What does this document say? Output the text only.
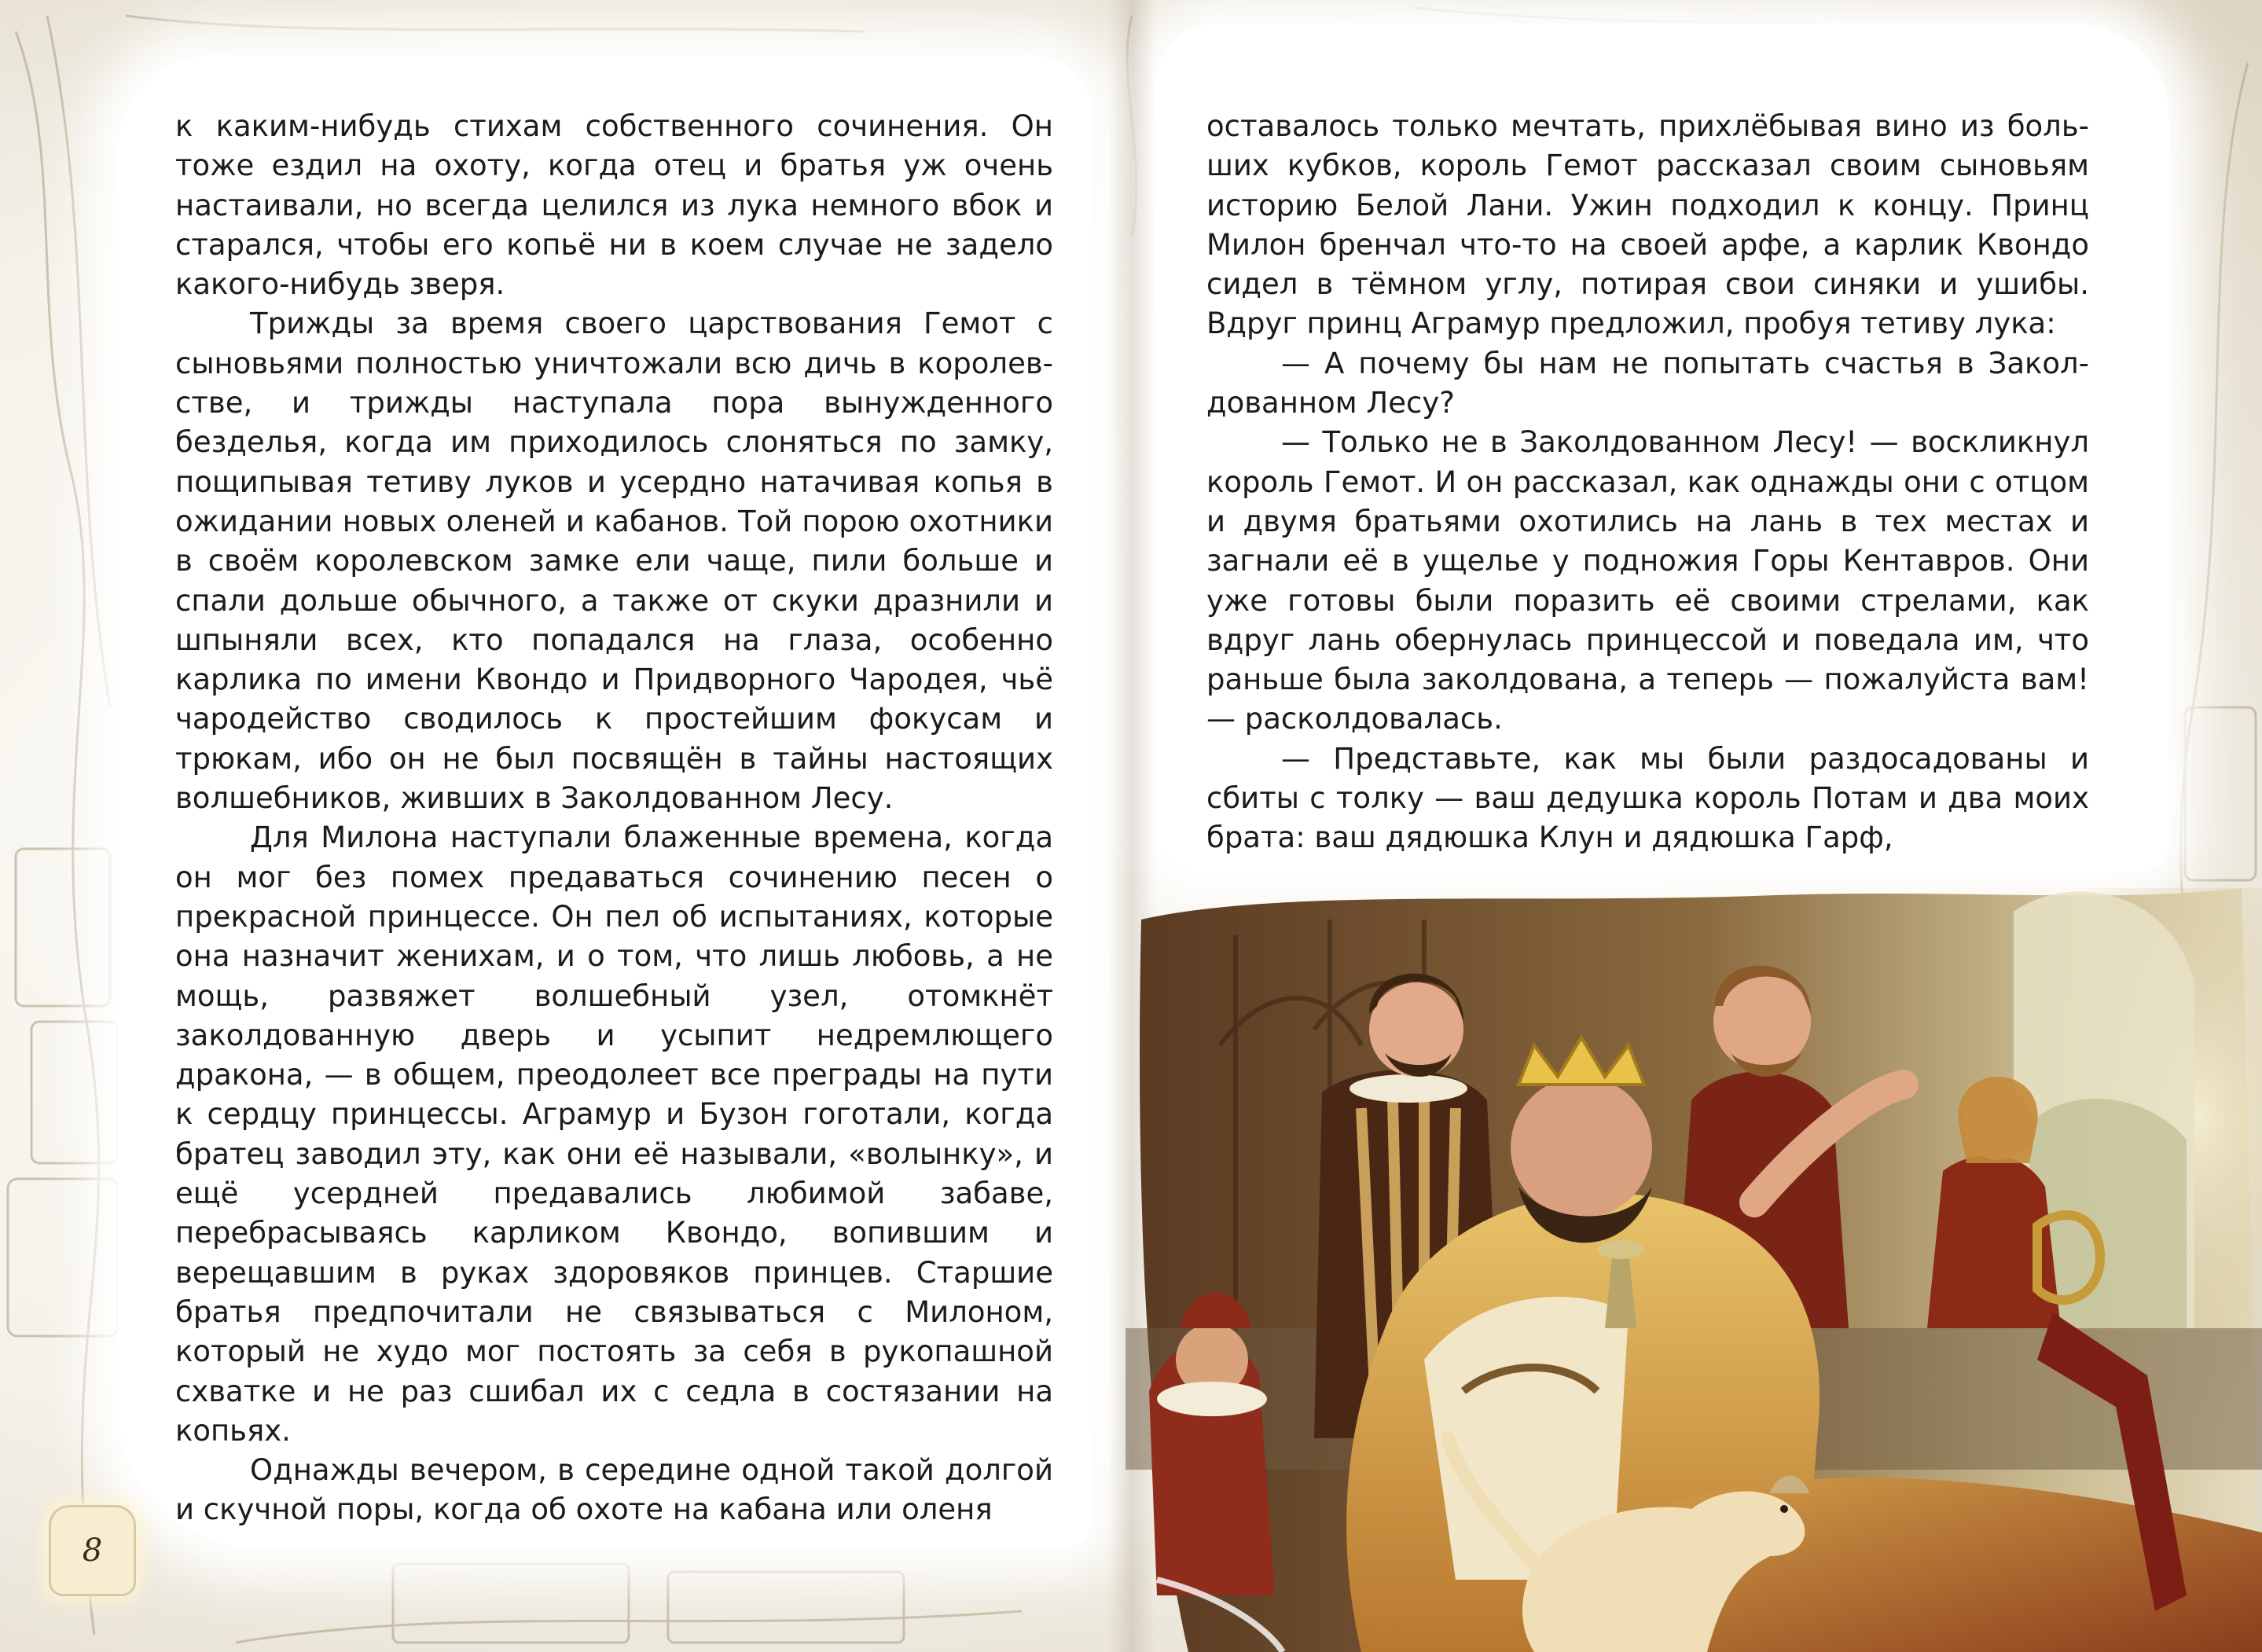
к каким-нибудь стихам собственного сочинения. Он тоже ездил на охоту, когда отец и братья уж очень настаивали, но всегда целился из лука немного вбок и старался, чтобы его копьё ни в коем случае не задело какого-нибудь зверя.

Трижды за время своего царствования Гемот с сыновьями полностью уничтожали всю дичь в королевстве, и трижды наступала пора вынужденного безделья, когда им приходилось слоняться по замку, пощипывая тетиву луков и усердно натачивая копья в ожидании новых оленей и кабанов. Той порою охотники в своём королевском замке ели чаще, пили больше и спали дольше обычного, а также от скуки дразнили и шпыняли всех, кто попадался на глаза, особенно карлика по имени Квондо и Придворного Чародея, чьё чародейство сводилось к простейшим фокусам и трюкам, ибо он не был посвящён в тайны настоящих волшебников, живших в Заколдованном Лесу.

Для Милона наступали блаженные времена, когда он мог без помех предаваться сочинению песен о прекрасной принцессе. Он пел об испытаниях, которые она назначит женихам, и о том, что лишь любовь, а не мощь, развяжет волшебный узел, отомкнёт заколдованную дверь и усыпит недремлющего дракона, — в общем, преодолеет все преграды на пути к сердцу принцессы. Аграмур и Бузон гоготали, когда братец заводил эту, как они её называли, «волынку», и ещё усердней предавались любимой забаве, перебрасываясь карликом Квондо, вопившим и верещавшим в руках здоровяков принцев. Старшие братья предпочитали не связываться с Милоном, который не худо мог постоять за себя в рукопашной схватке и не раз сшибал их с седла в состязании на копьях.

Однажды вечером, в середине одной такой долгой и скучной поры, когда об охоте на кабана или оленя

оставалось только мечтать, прихлёбывая вино из больших кубков, король Гемот рассказал своим сыновьям историю Белой Лани. Ужин подходил к концу. Принц Милон бренчал что-то на своей арфе, а карлик Квондо сидел в тёмном углу, потирая свои синяки и ушибы. Вдруг принц Аграмур предложил, пробуя тетиву лука:

— А почему бы нам не попытать счастья в Заколдованном Лесу?

— Только не в Заколдованном Лесу! — воскликнул король Гемот. И он рассказал, как однажды они с отцом и двумя братьями охотились на лань в тех местах и загнали её в ущелье у подножия Горы Кентавров. Они уже готовы были поразить её своими стрелами, как вдруг лань обернулась принцессой и поведала им, что раньше была заколдована, а теперь — пожалуйста вам! — расколдовалась.

— Представьте, как мы были раздосадованы и сбиты с толку — ваш дедушка король Потам и два моих брата: ваш дядюшка Клун и дядюшка Гарф,

8
